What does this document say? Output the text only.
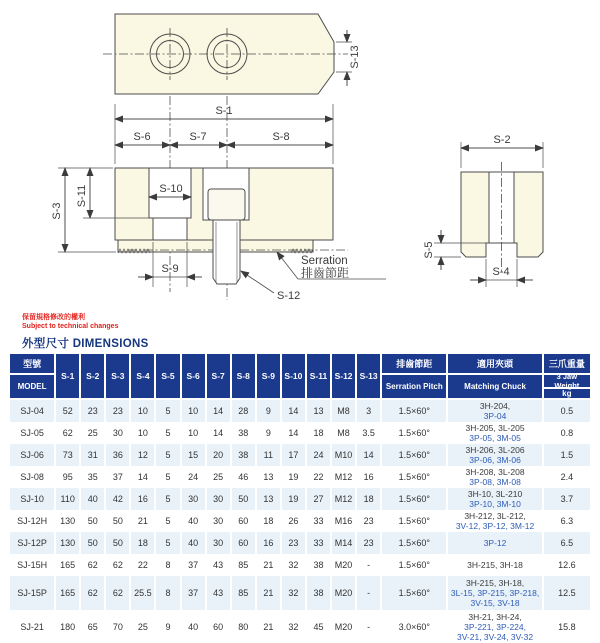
S-1
S-6	S-7	S-8
S-13
S-3
S-11	S-10
S-9
S-12
S-2
S-5
S-4
Serration
排齒節距
保留規格修改的權利
Subject to technical changes
外型尺寸 DIMENSIONS
型號
MODEL
	S-1	S-2	S-3	S-4	S-5	S-6	S-7	S-8	S-9	S-10	S-11	S-12	S-13	
排齒節距
Serration Pitch

適用夾頭
Matching Chuck

三爪重量
3 Jaw Weight
kg

SJ-04	52	23	23	10	5	10	14	28	9	14	13	M8	3	1.5×60°	3H-204,
3P-04	0.5
SJ-05	62	25	30	10	5	10	14	38	9	14	18	M8	3.5	1.5×60°	3H-205, 3L-205
3P-05, 3M-05	0.8
SJ-06	73	31	36	12	5	15	20	38	11	17	24	M10	14	1.5×60°	3H-206, 3L-206
3P-06, 3M-06	1.5
SJ-08	95	35	37	14	5	24	25	46	13	19	22	M12	16	1.5×60°	3H-208, 3L-208
3P-08, 3M-08	2.4
SJ-10	110	40	42	16	5	30	30	50	13	19	27	M12	18	1.5×60°	3H-10, 3L-210
3P-10, 3M-10	3.7
SJ-12H	130	50	50	21	5	40	30	60	18	26	33	M16	23	1.5×60°	3H-212, 3L-212,
3V-12, 3P-12, 3M-12	6.3
SJ-12P	130	50	50	18	5	40	30	60	16	23	33	M14	23	1.5×60°	3P-12	6.5
SJ-15H	165	62	62	22	8	37	43	85	21	32	38	M20	-	1.5×60°	3H-215, 3H-18	12.6
SJ-15P	165	62	62	25.5	8	37	43	85	21	32	38	M20	-	1.5×60°	3H-215, 3H-18,
3L-15, 3P-215, 3P-218,
3V-15, 3V-18	12.5
SJ-21	180	65	70	25	9	40	60	80	21	32	45	M20	-	3.0×60°	3H-21, 3H-24,
3P-221, 3P-224,
3V-21, 3V-24, 3V-32	15.8
